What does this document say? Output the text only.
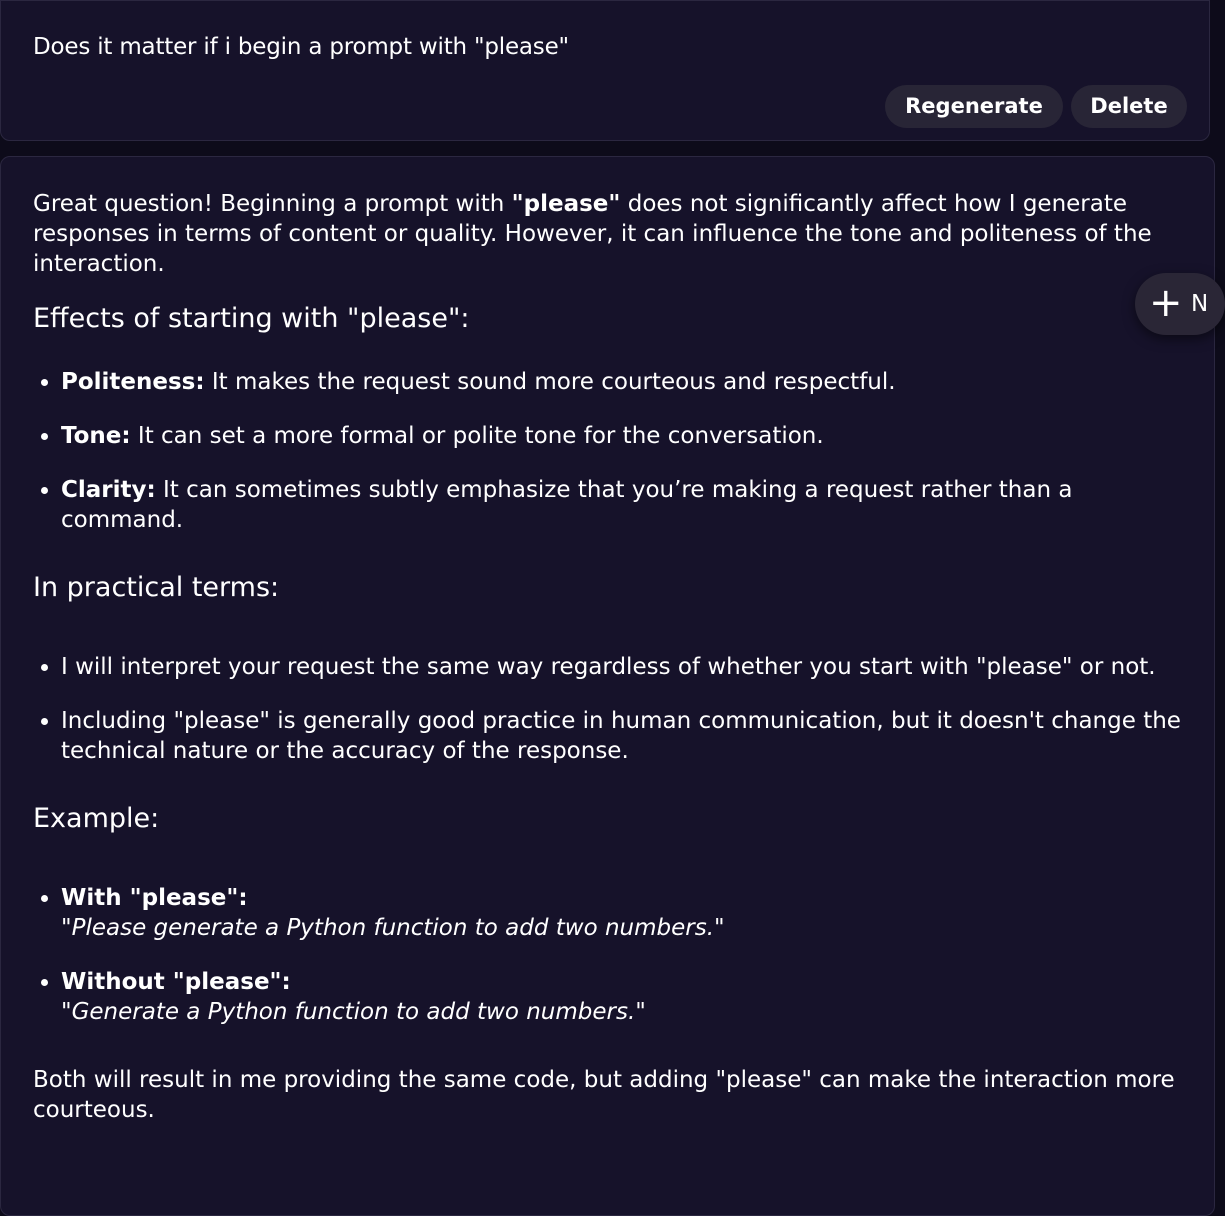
Does it matter if i begin a prompt with "please"
Regenerate	Delete

Great question! Beginning a prompt with "please" does not significantly affect how I generate responses in terms of content or quality. However, it can influence the tone and politeness of the interaction.

Effects of starting with "please":
• Politeness: It makes the request sound more courteous and respectful.
• Tone: It can set a more formal or polite tone for the conversation.
• Clarity: It can sometimes subtly emphasize that you’re making a request rather than a command.
In practical terms:
• I will interpret your request the same way regardless of whether you start with "please" or not.
• Including "please" is generally good practice in human communication, but it doesn't change the technical nature or the accuracy of the response.
Example:
• With "please":
"Please generate a Python function to add two numbers."
• Without "please":
"Generate a Python function to add two numbers."

Both will result in me providing the same code, but adding "please" can make the interaction more courteous.

+ N
